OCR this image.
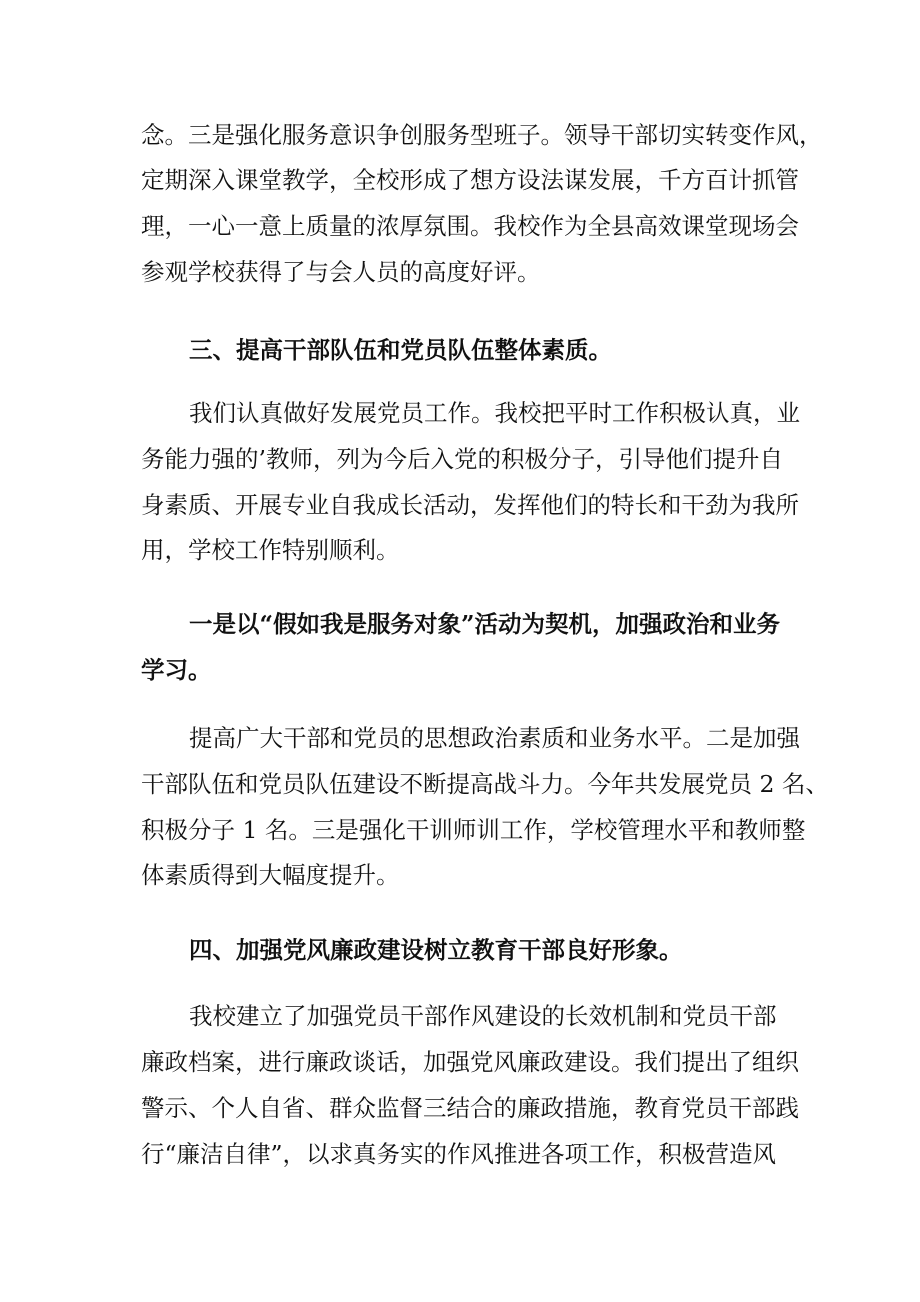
念。三是强化服务意识争创服务型班子。领导干部切实转变作风，

定期深入课堂教学，全校形成了想方设法谋发展，千方百计抓管

理，一心一意上质量的浓厚氛围。我校作为全县高效课堂现场会

参观学校获得了与会人员的高度好评。

三、提高干部队伍和党员队伍整体素质。

我们认真做好发展党员工作。我校把平时工作积极认真，业

务能力强的’教师，列为今后入党的积极分子，引导他们提升自

身素质、开展专业自我成长活动，发挥他们的特长和干劲为我所

用，学校工作特别顺利。

一是以“假如我是服务对象”活动为契机，加强政治和业务

学习。

提高广大干部和党员的思想政治素质和业务水平。二是加强

干部队伍和党员队伍建设不断提高战斗力。今年共发展党员 2 名、

积极分子 1 名。三是强化干训师训工作，学校管理水平和教师整

体素质得到大幅度提升。

四、加强党风廉政建设树立教育干部良好形象。

我校建立了加强党员干部作风建设的长效机制和党员干部

廉政档案，进行廉政谈话，加强党风廉政建设。我们提出了组织

警示、个人自省、群众监督三结合的廉政措施，教育党员干部践

行“廉洁自律”，以求真务实的作风推进各项工作，积极营造风
